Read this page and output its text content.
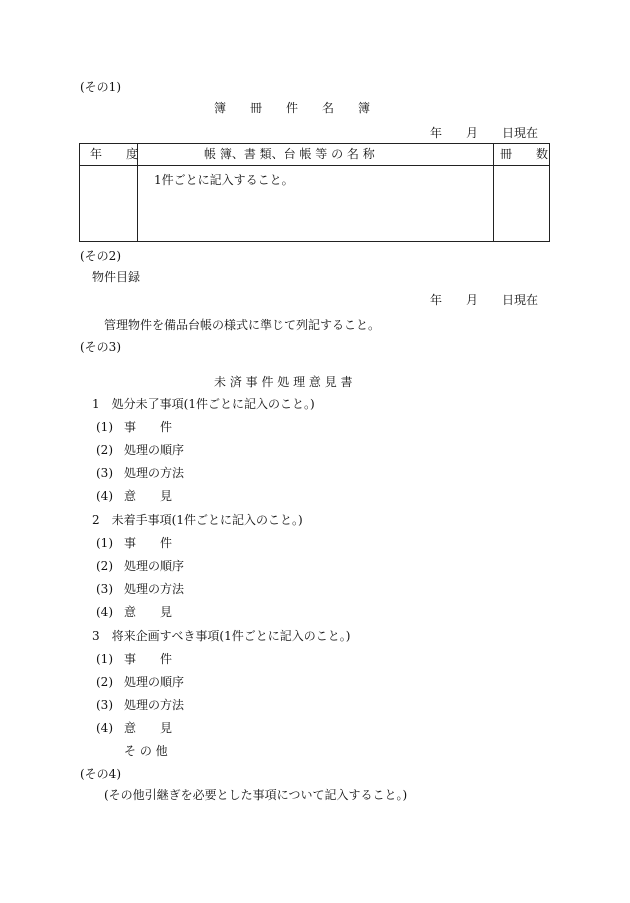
(その1)
簿　　冊　　件　　名　　簿
年　　月　　日現在
年　　度	帳 簿、書 類、台 帳 等 の 名 称	冊　　数
1件ごとに記入すること。
(その2)
物件目録
年　　月　　日現在
管理物件を備品台帳の様式に準じて列記すること。
(その3)
未 済 事 件 処 理 意 見 書
1　処分未了事項(1件ごとに記入のこと。)
(1) 事　　件
(2) 処理の順序
(3) 処理の方法
(4) 意　　見
2　未着手事項(1件ごとに記入のこと。)
(1) 事　　件
(2) 処理の順序
(3) 処理の方法
(4) 意　　見
3　将来企画すべき事項(1件ごとに記入のこと。)
(1) 事　　件
(2) 処理の順序
(3) 処理の方法
(4) 意　　見
そ の 他
(その4)
(その他引継ぎを必要とした事項について記入すること。)
